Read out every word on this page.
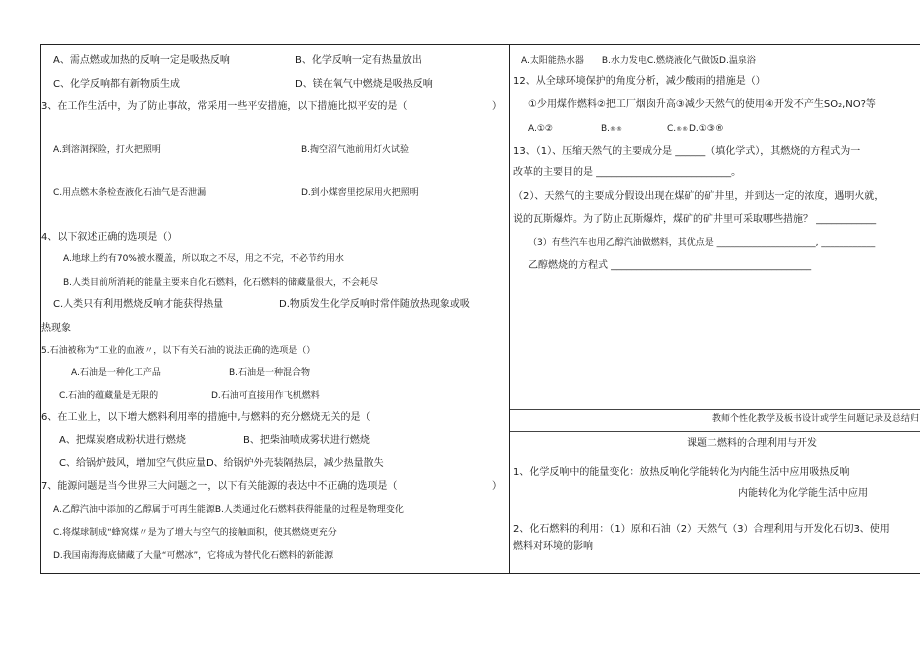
A、需点燃或加热的反响一定是吸热反响	B、化学反响一定有热量放出
C、化学反响都有新物质生成	D、镁在氧气中燃烧是吸热反响
3、在工作生活中，为了防止事故，常采用一些平安措施，以下措施比拟平安的是（	）
A.到溶洞探险，打火把照明	B.掏空沼气池前用灯火试验
C.用点燃木条检查液化石油气是否泄漏	D.到小煤窖里挖尿用火把照明
4、以下叙述正确的选项是（）
A.地球上约有70%被水覆盖，所以取之不尽，用之不完，不必节约用水
B.人类目前所消耗的能量主要来自化石燃料，化石燃料的储藏量很大，不会耗尽
C.人类只有利用燃烧反响才能获得热量	D.物质发生化学反响时常伴随放热现象或吸
热现象
5.石油被称为“工业的血液〃，以下有关石油的说法正确的选项是（）
A.石油是一种化工产品	B.石油是一种混合物
C.石油的蕴藏量是无限的	D.石油可直接用作飞机燃料
6、在工业上，以下增大燃料利用率的措施中,与燃料的充分燃烧无关的是（
A、把煤炭磨成粉状进行燃烧	B、把柴油喷成雾状进行燃烧
C、给锅炉鼓风，增加空气供应量D、给锅炉外壳装隔热层，减少热量散失
7、能源问题是当今世界三大问题之一，以下有关能源的表达中不正确的选项是（	）
A.乙醇汽油中添加的乙醇属于可再生能源B.人类通过化石燃料获得能量的过程是物理变化
C.将煤球制成“蜂窝煤〃是为了增大与空气的接触面积，使其燃烧更充分
D.我国南海海底储藏了大量“可燃冰”，它将成为替代化石燃料的新能源
A.太阳能热水器　　B.水力发电C.燃烧液化气做饭D.温泉浴
12、从全球环境保护的角度分析，减少酸雨的措施是（）
①少用煤作燃料②把工厂烟囱升高③减少天然气的使用④开发不产生SO₂,NO?等
A.①②	B.®®	C.®® D.①③®
13、（1）、压缩天然气的主要成分是 ______（填化学式），其燃烧的方程式为一
改革的主要目的是 ___________________________。
（2）、天然气的主要成分假设出现在煤矿的矿井里，并到达一定的浓度，遇明火就，
说的瓦斯爆炸。为了防止瓦斯爆炸，煤矿的矿井里可采取哪些措施？ ____________
（3）有些汽车也用乙醇汽油做燃料，其优点是 ______________________, ____________
乙醇燃烧的方程式 ________________________________________
教师个性化教学及板书设计或学生问题记录及总结归
课题二燃料的合理利用与开发
1、化学反响中的能量变化：放热反响化学能转化为内能生活中应用吸热反响
内能转化为化学能生活中应用
2、化石燃料的利用：（1）原和石油（2）天然气（3）合理利用与开发化石切3、使用
燃料对环境的影响
